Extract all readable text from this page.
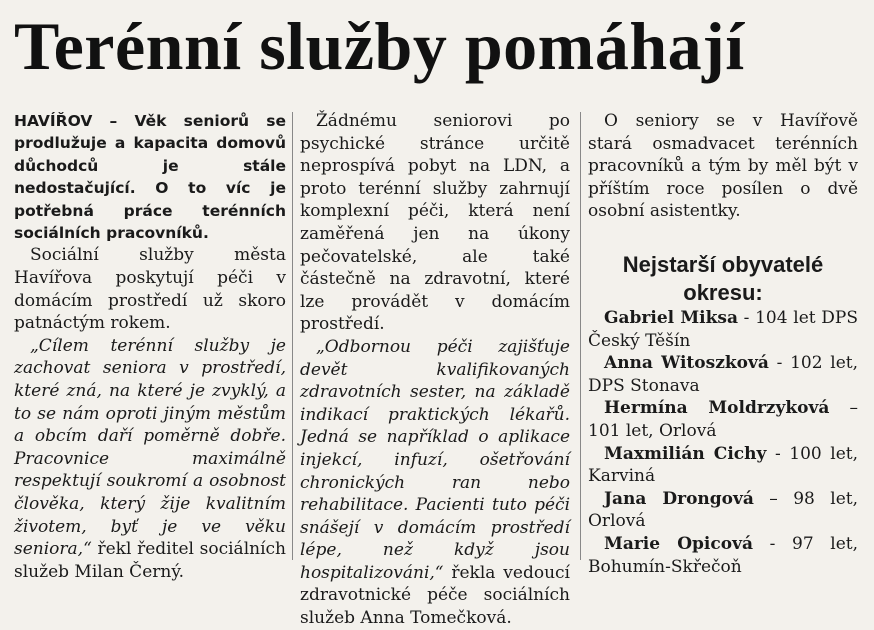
Terénní služby pomáhají

HAVÍŘOV – Věk seniorů se prodlužuje a kapacita domovů důchodců je stále nedostačující. O to víc je potřebná práce terénních sociálních pracovníků.

Sociální služby města Havířova poskytují péči v domácím prostředí už skoro patnáctým rokem.

„Cílem terénní služby je zachovat seniora v prostředí, které zná, na které je zvyklý, a to se nám oproti jiným městům a obcím daří poměrně dobře. Pracovnice maximálně respektují soukromí a osobnost člověka, který žije kvalitním životem, byť je ve věku seniora,“ řekl ředitel sociálních služeb Milan Černý.

Žádnému seniorovi po psychické stránce určitě neprospívá pobyt na LDN, a proto terénní služby zahrnují komplexní péči, která není zaměřená jen na úkony pečovatelské, ale také částečně na zdravotní, které lze provádět v domácím prostředí.

„Odbornou péči zajišťuje devět kvalifikovaných zdravotních sester, na základě indikací praktických lékařů. Jedná se například o aplikace injekcí, infuzí, ošetřování chronických ran nebo rehabilitace. Pacienti tuto péči snášejí v domácím prostředí lépe, než když jsou hospitalizováni,“ řekla vedoucí zdravotnické péče sociálních služeb Anna Tomečková.

O seniory se v Havířově stará osmadvacet terénních pracovníků a tým by měl být v příštím roce posílen o dvě osobní asistentky.

Nejstarší obyvatelé okresu:

Gabriel Miksa - 104 let DPS Český Těšín

Anna Witoszková - 102 let, DPS Stonava

Hermína Moldrzyková – 101 let, Orlová

Maxmilián Cichy - 100 let, Karviná

Jana Drongová – 98 let, Orlová

Marie Opicová - 97 let, Bohumín-Skřečoň
